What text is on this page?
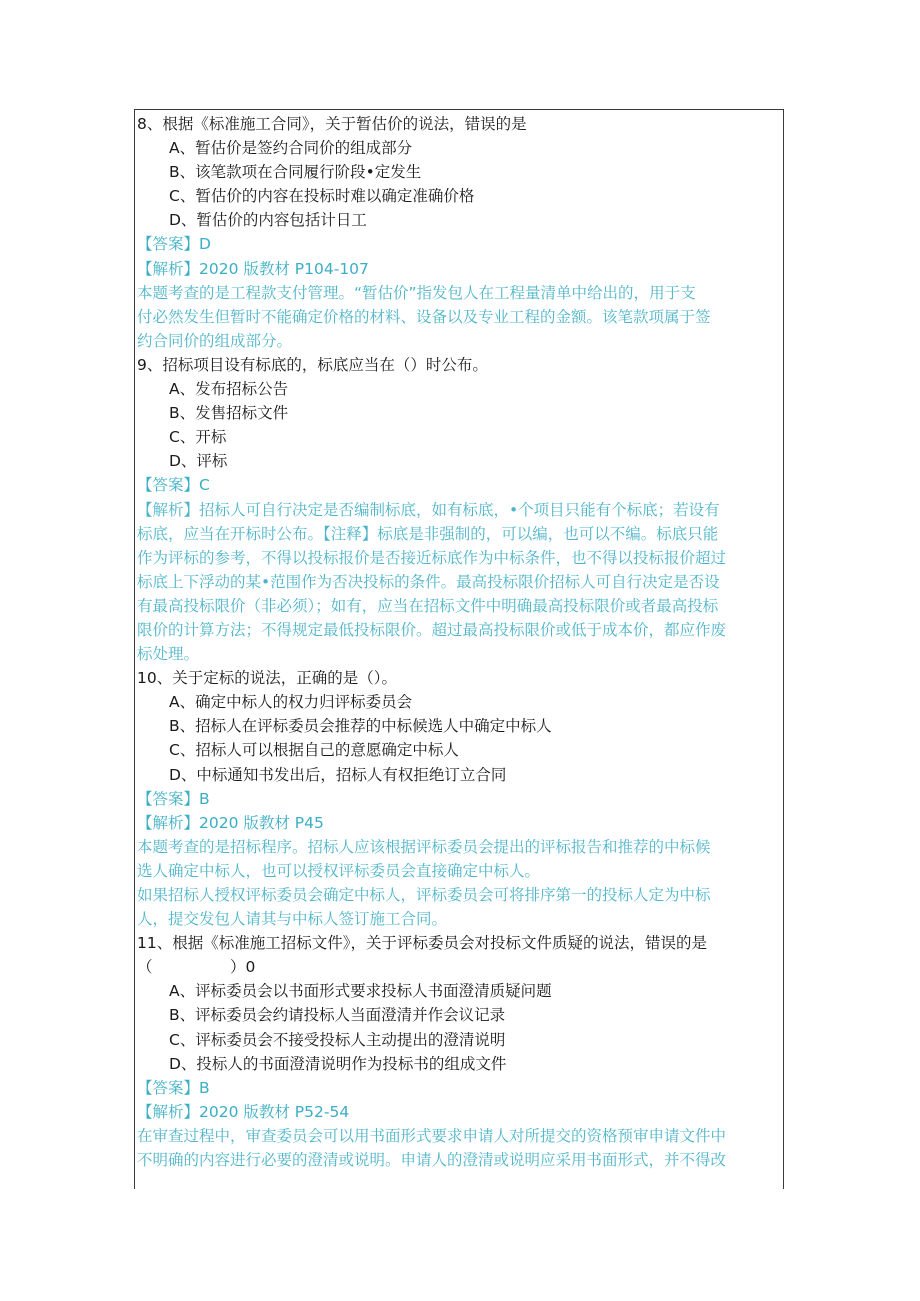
8、根据《标准施工合同》，关于暂估价的说法，错误的是
A、暂估价是签约合同价的组成部分
B、该笔款项在合同履行阶段•定发生
C、暂估价的内容在投标时难以确定准确价格
D、暂估价的内容包括计日工
【答案】D
【解析】2020 版教材 P104-107
本题考查的是工程款支付管理。“暂估价”指发包人在工程量清单中给出的，用于支
付必然发生但暂时不能确定价格的材料、设备以及专业工程的金额。该笔款项属于签
约合同价的组成部分。
9、招标项目设有标底的，标底应当在（）时公布。
A、发布招标公告
B、发售招标文件
C、开标
D、评标
【答案】C
【解析】招标人可自行决定是否编制标底，如有标底，•个项目只能有个标底；若设有
标底，应当在开标时公布。【注释】标底是非强制的，可以编，也可以不编。标底只能
作为评标的参考，不得以投标报价是否接近标底作为中标条件，也不得以投标报价超过
标底上下浮动的某•范围作为否决投标的条件。最高投标限价招标人可自行决定是否设
有最高投标限价（非必须）；如有，应当在招标文件中明确最高投标限价或者最高投标
限价的计算方法；不得规定最低投标限价。超过最高投标限价或低于成本价，都应作废
标处理。
10、关于定标的说法，正确的是（）。
A、确定中标人的权力归评标委员会
B、招标人在评标委员会推荐的中标候选人中确定中标人
C、招标人可以根据自己的意愿确定中标人
D、中标通知书发出后，招标人有权拒绝订立合同
【答案】B
【解析】2020 版教材 P45
本题考查的是招标程序。招标人应该根据评标委员会提出的评标报告和推荐的中标候
选人确定中标人，也可以授权评标委员会直接确定中标人。
如果招标人授权评标委员会确定中标人，评标委员会可将排序第一的投标人定为中标
人，提交发包人请其与中标人签订施工合同。
11、根据《标准施工招标文件》，关于评标委员会对投标文件质疑的说法，错误的是
（　　　　　）0
A、评标委员会以书面形式要求投标人书面澄清质疑问题
B、评标委员会约请投标人当面澄清并作会议记录
C、评标委员会不接受投标人主动提出的澄清说明
D、投标人的书面澄清说明作为投标书的组成文件
【答案】B
【解析】2020 版教材 P52-54
在审查过程中，审查委员会可以用书面形式要求申请人对所提交的资格预审申请文件中
不明确的内容进行必要的澄清或说明。申请人的澄清或说明应采用书面形式，并不得改
